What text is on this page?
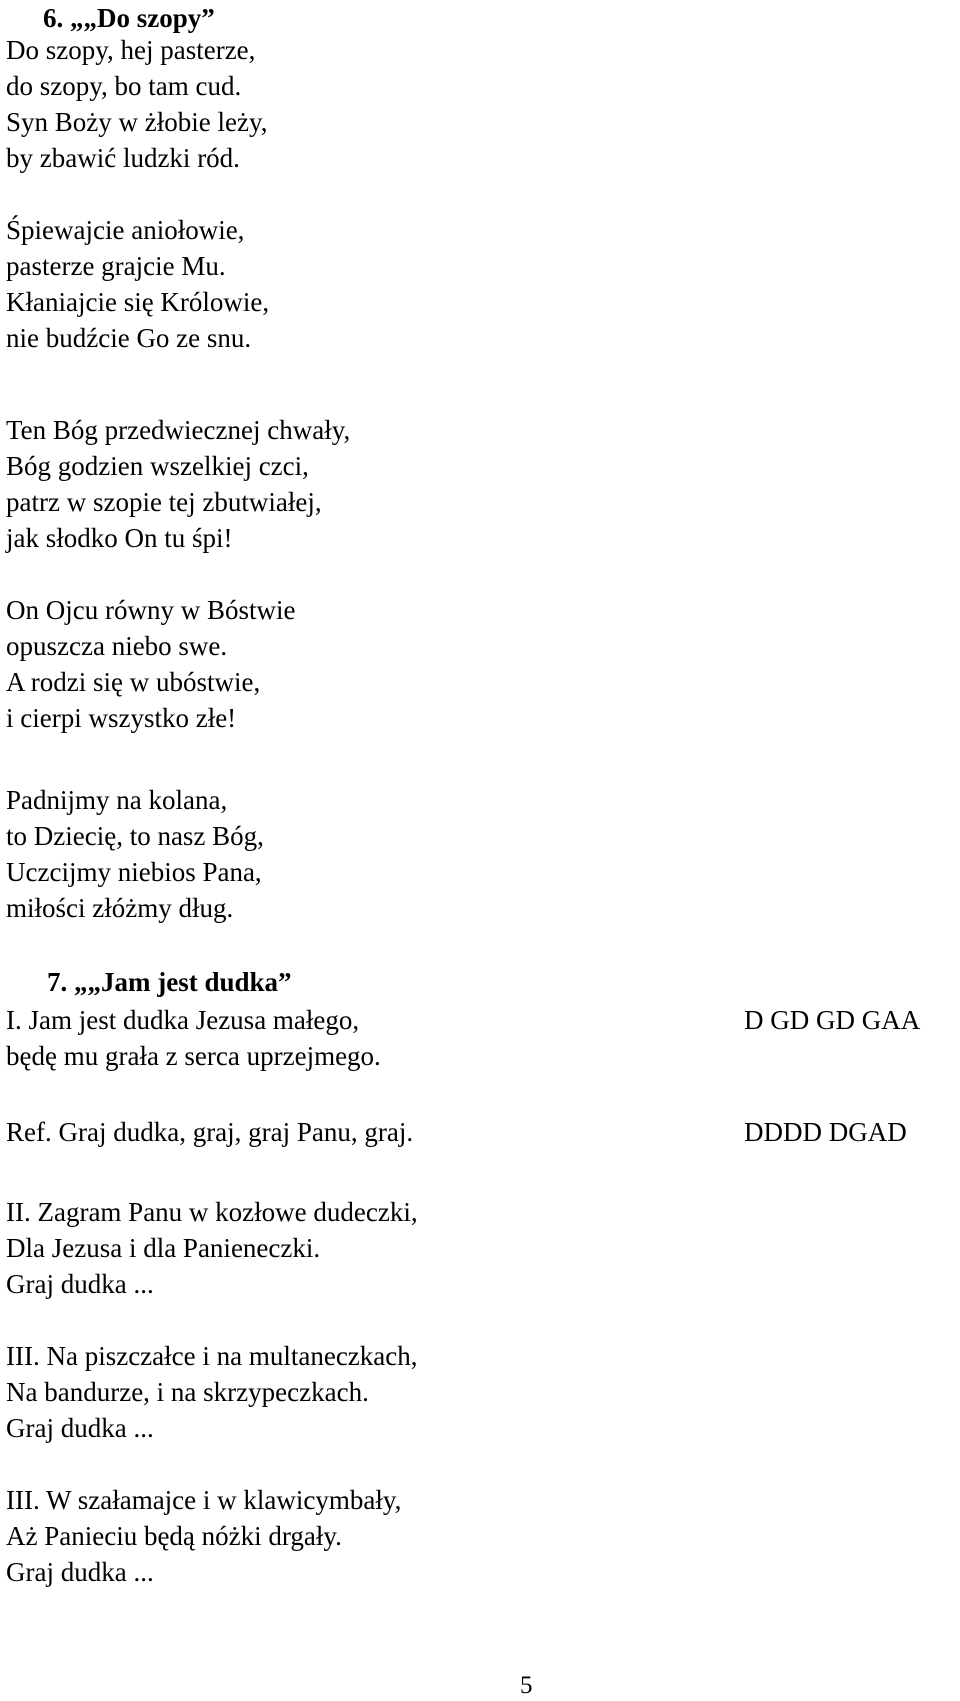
6. „„Do szopy”

Do szopy, hej pasterze,

do szopy, bo tam cud.

Syn Boży w żłobie leży,

by zbawić ludzki ród.

Śpiewajcie aniołowie,

pasterze grajcie Mu.

Kłaniajcie się Królowie,

nie budźcie Go ze snu.

Ten Bóg przedwiecznej chwały,

Bóg godzien wszelkiej czci,

patrz w szopie tej zbutwiałej,

jak słodko On tu śpi!

On Ojcu równy w Bóstwie

opuszcza niebo swe.

A rodzi się w ubóstwie,

i cierpi wszystko złe!

Padnijmy na kolana,

to Dziecię, to nasz Bóg,

Uczcijmy niebios Pana,

miłości złóżmy dług.

7. „„Jam jest dudka”

I. Jam jest dudka Jezusa małego,

będę mu grała z serca uprzejmego.

D GD GD GAA

Ref. Graj dudka, graj, graj Panu, graj.	DDDD DGAD

II. Zagram Panu w kozłowe dudeczki,

Dla Jezusa i dla Panieneczki.

Graj dudka ...

III. Na piszczałce i na multaneczkach,

Na bandurze, i na skrzypeczkach.

Graj dudka ...

III. W szałamajce i w klawicymbały,

Aż Panieciu będą nóżki drgały.

Graj dudka ...

5
